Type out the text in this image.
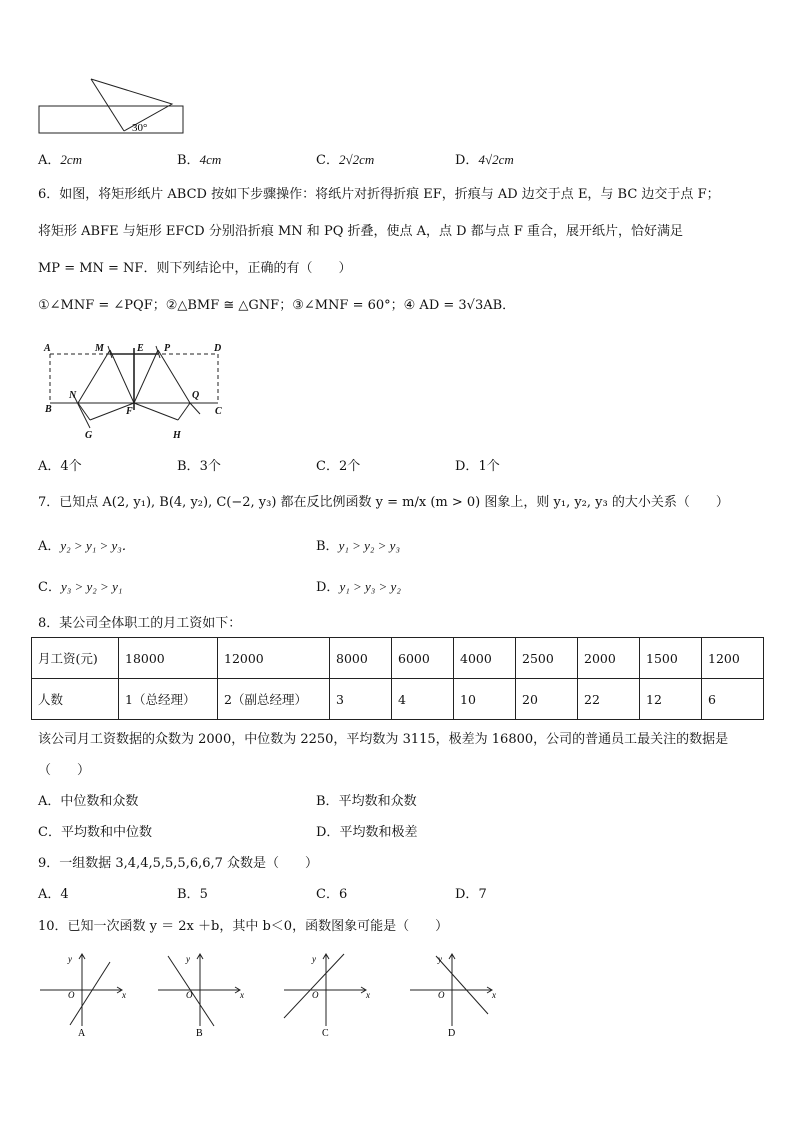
30°
A．2cm	B．4cm	C．2√2cm	D．4√2cm
6．如图，将矩形纸片 ABCD 按如下步骤操作：将纸片对折得折痕 EF，折痕与 AD 边交于点 E，与 BC 边交于点 F；
将矩形 ABFE 与矩形 EFCD 分别沿折痕 MN 和 PQ 折叠，使点 A，点 D 都与点 F 重合，展开纸片，恰好满足
MP = MN = NF．则下列结论中，正确的有（　　）
①∠MNF = ∠PQF；②△BMF ≅ △GNF；③∠MNF = 60°；④ AD = 3√3AB．
A	M	E P	D
N	Q
B	F	C
G	H
A．4个	B．3个	C．2个	D．1个
7．已知点 A(2, y₁), B(4, y₂), C(−2, y₃) 都在反比例函数 y = m/x (m > 0) 图象上，则 y₁, y₂, y₃ 的大小关系（　　）
A．y₂ > y₁ > y₃．	B．y₁ > y₂ > y₃
C．y₃ > y₂ > y₁	D．y₁ > y₃ > y₂
8．某公司全体职工的月工资如下：
月工资(元)	18000	12000	8000	6000	4000	2500	2000	1500	1200
人数	1（总经理）	2（副总经理）	3	4	10	20	22	12	6
该公司月工资数据的众数为 2000，中位数为 2250，平均数为 3115，极差为 16800，公司的普通员工最关注的数据是
（　　）
A．中位数和众数	B．平均数和众数
C．平均数和中位数	D．平均数和极差
9．一组数据 3,4,4,5,5,5,6,6,7 众数是（　　）
A．4	B．5	C．6	D．7
10．已知一次函数 y ＝ 2x ＋b，其中 b＜0，函数图象可能是（　　）
y
O	x
A
y
O	x
B
y
O	x
C
y
O	x
D
